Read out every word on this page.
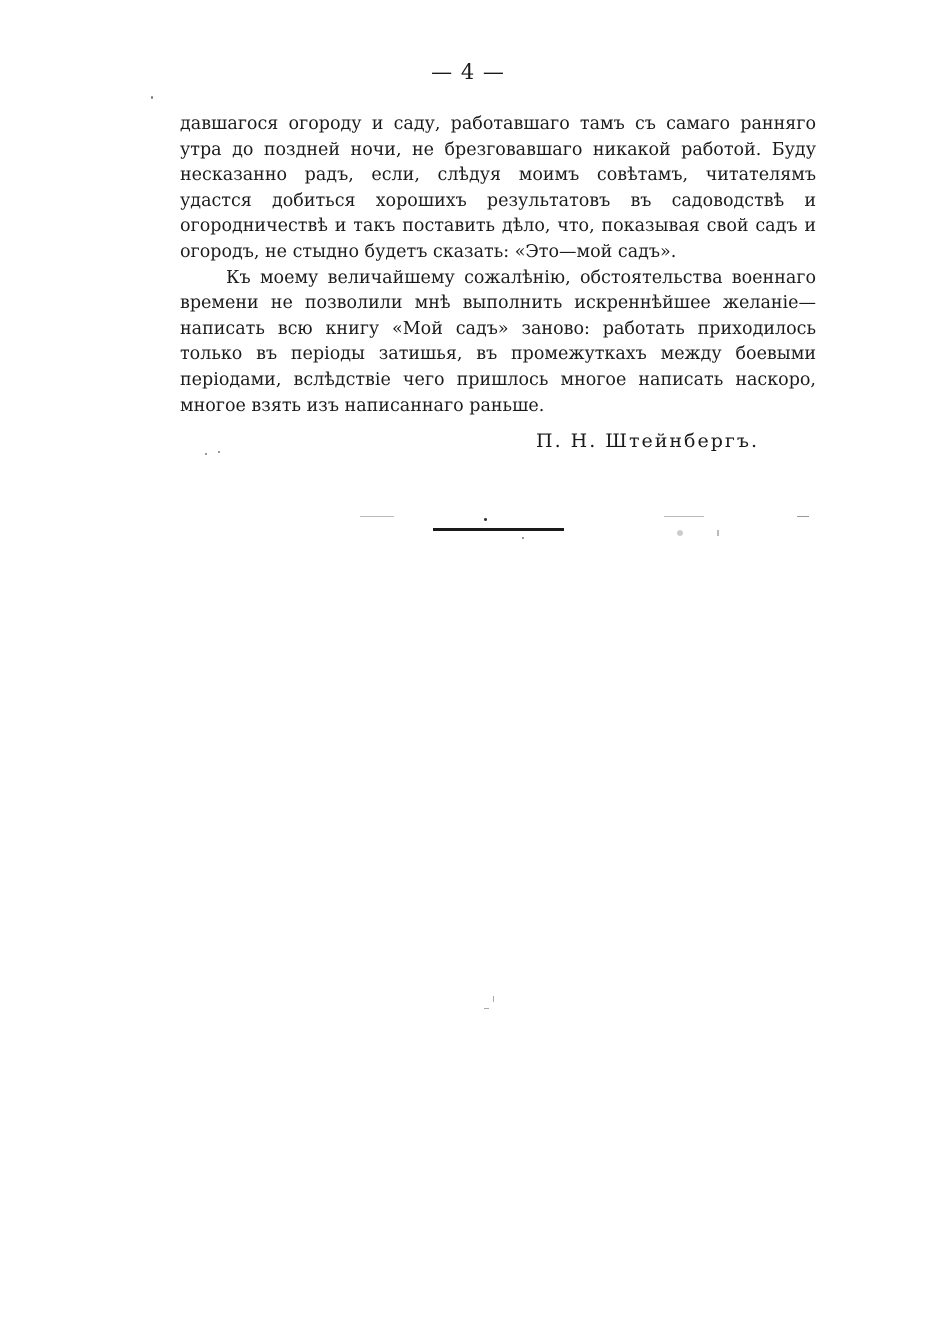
— 4 —

давшагося огороду и саду, работавшаго тамъ съ самаго ранняго утра до поздней ночи, не брезговавшаго никакой работой. Буду несказанно радъ, если, слѣдуя моимъ совѣтамъ, читателямъ удастся добиться хорошихъ результатовъ въ садоводствѣ и огородничествѣ и такъ поставить дѣло, что, показывая свой садъ и огородъ, не стыдно будетъ сказать: «Это—мой садъ».

Къ моему величайшему сожалѣнію, обстоятельства военнаго времени не позволили мнѣ выполнить искреннѣйшее желаніе—написать всю книгу «Мой садъ» заново: работать приходилось только въ періоды затишья, въ промежуткахъ между боевыми періодами, вслѣдствіе чего пришлось многое написать наскоро, многое взять изъ написаннаго раньше.

П. Н. Штейнбергъ.
